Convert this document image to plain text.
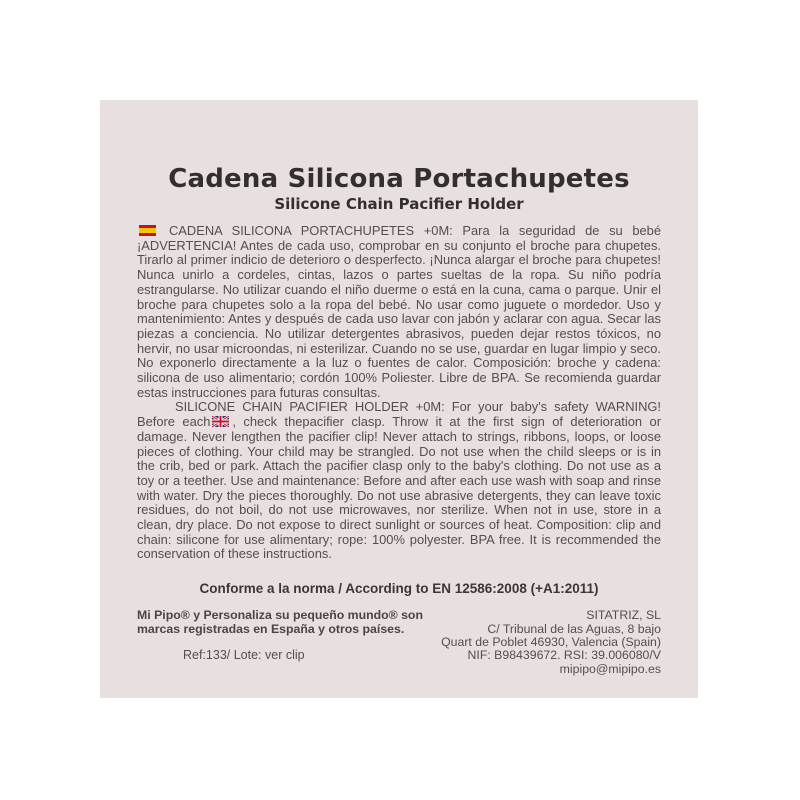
Cadena Silicona Portachupetes
Silicone Chain Pacifier Holder

CADENA SILICONA PORTACHUPETES +0M: Para la seguridad de su bebé ¡ADVERTENCIA! Antes de cada uso, comprobar en su conjunto el broche para chupetes. Tirarlo al primer indicio de deterioro o desperfecto. ¡Nunca alargar el broche para chupetes! Nunca unirlo a cordeles, cintas, lazos o partes sueltas de la ropa. Su niño podría estrangularse. No utilizar cuando el niño duerme o está en la cuna, cama o parque. Unir el broche para chupetes solo a la ropa del bebé. No usar como juguete o mordedor. Uso y mantenimiento: Antes y después de cada uso lavar con jabón y aclarar con agua. Secar las piezas a conciencia. No utilizar detergentes abrasivos, pueden dejar restos tóxicos, no hervir, no usar microondas, ni esterilizar. Cuando no se use, guardar en lugar limpio y seco. No exponerlo directamente a la luz o fuentes de calor. Composición: broche y cadena: silicona de uso alimentario; cordón 100% Poliester. Libre de BPA. Se recomienda guardar estas instrucciones para futuras consultas.

SILICONE CHAIN PACIFIER HOLDER +0M: For your baby's safety WARNING! Before each , check thepacifier clasp. Throw it at the first sign of deterioration or damage. Never lengthen the pacifier clip! Never attach to strings, ribbons, loops, or loose pieces of clothing. Your child may be strangled. Do not use when the child sleeps or is in the crib, bed or park. Attach the pacifier clasp only to the baby's clothing. Do not use as a toy or a teether. Use and maintenance: Before and after each use wash with soap and rinse with water. Dry the pieces thoroughly. Do not use abrasive detergents, they can leave toxic residues, do not boil, do not use microwaves, nor sterilize. When not in use, store in a clean, dry place. Do not expose to direct sunlight or sources of heat. Composition: clip and chain: silicone for use alimentary; rope: 100% polyester. BPA free. It is recommended the conservation of these instructions.

Conforme a la norma / According to EN 12586:2008 (+A1:2011)
Mi Pipo® y Personaliza su pequeño mundo® son marcas registradas en España y otros países.
Ref:133/ Lote: ver clip
SITATRIZ, SL
C/ Tribunal de las Aguas, 8 bajo
Quart de Poblet 46930, Valencia (Spain)
NIF: B98439672. RSI: 39.006080/V
mipipo@mipipo.es
